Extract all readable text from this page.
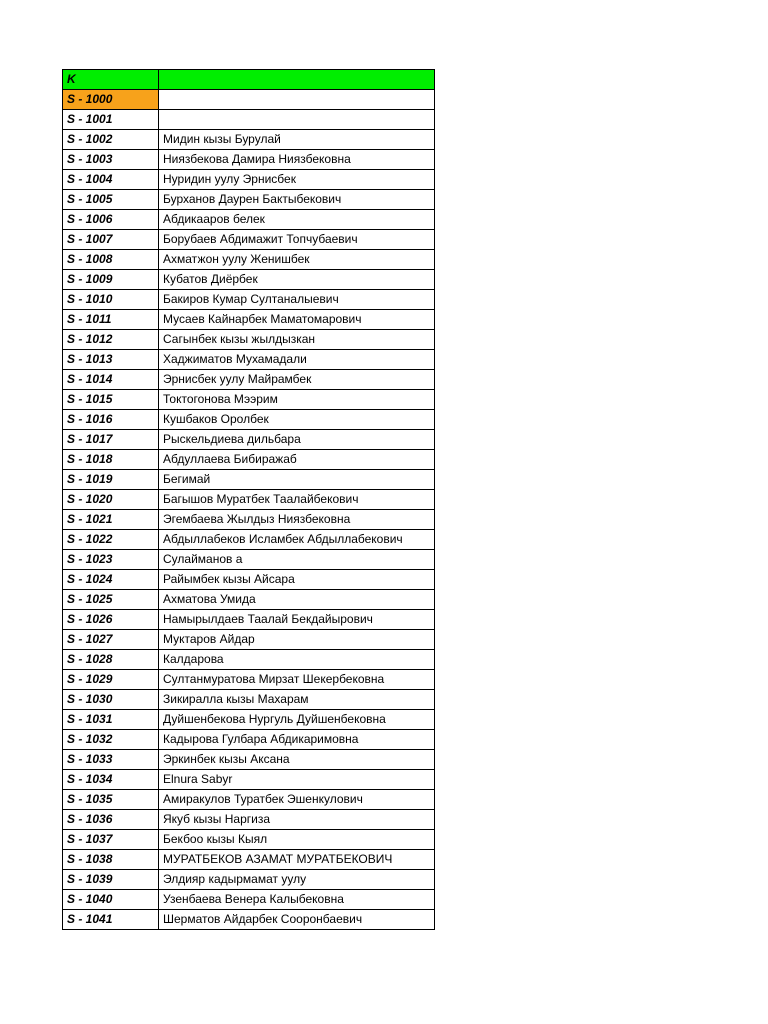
K	
S - 1000	
S - 1001	
S - 1002	Мидин кызы Бурулай
S - 1003	Ниязбекова Дамира Ниязбековна
S - 1004	Нуридин уулу Эрнисбек
S - 1005	Бурханов Даурен Бактыбекович
S - 1006	Абдикааров белек
S - 1007	Борубаев Абдимажит Топчубаевич
S - 1008	Ахматжон уулу Женишбек
S - 1009	Кубатов Диёрбек
S - 1010	Бакиров Кумар Султаналыевич
S - 1011	Мусаев Кайнарбек Маматомарович
S - 1012	Сагынбек кызы жылдызкан
S - 1013	Хаджиматов Мухамадали
S - 1014	Эрнисбек уулу Майрамбек
S - 1015	Токтогонова Мээрим
S - 1016	Кушбаков Оролбек
S - 1017	Рыскельдиева дильбара
S - 1018	Абдуллаева Бибиражаб
S - 1019	Бегимай
S - 1020	Багышов Муратбек Таалайбекович
S - 1021	Эгембаева Жылдыз Ниязбековна
S - 1022	Абдыллабеков Исламбек Абдыллабекович
S - 1023	Сулайманов а
S - 1024	Райымбек кызы Айсара
S - 1025	Ахматова Умида
S - 1026	Намырылдаев Таалай Бекдайырович
S - 1027	Муктаров Айдар
S - 1028	Калдарова
S - 1029	Султанмуратова Мирзат Шекербековна
S - 1030	Зикиралла кызы Махарам
S - 1031	Дуйшенбекова Нургуль Дуйшенбековна
S - 1032	Кадырова Гулбара Абдикаримовна
S - 1033	Эркинбек кызы Аксана
S - 1034	Elnura Sabyr
S - 1035	Амиракулов Туратбек Эшенкулович
S - 1036	Якуб кызы Наргиза
S - 1037	Бекбоо кызы Кыял
S - 1038	МУРАТБЕКОВ АЗАМАТ МУРАТБЕКОВИЧ
S - 1039	Элдияр кадырмамат уулу
S - 1040	Узенбаева Венера Калыбековна
S - 1041	Шерматов Айдарбек Сооронбаевич
